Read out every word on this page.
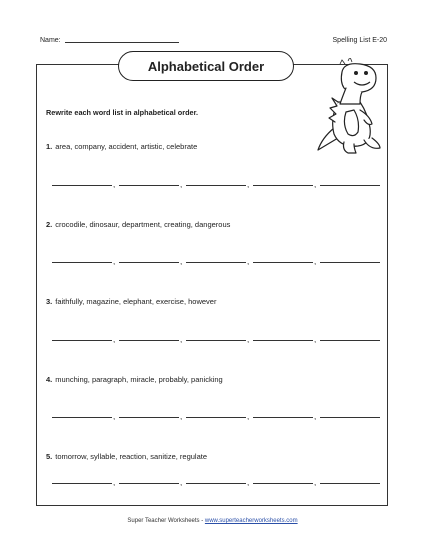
Name:	Spelling List E-20
Alphabetical Order
Rewrite each word list in alphabetical order.
1. area, company, accident, artistic, celebrate
,	,	,	,
2. crocodile, dinosaur, department, creating, dangerous
,	,	,	,
3. faithfully, magazine, elephant, exercise, however
,	,	,	,
4. munching, paragraph, miracle, probably, panicking
,	,	,	,
5. tomorrow, syllable, reaction, sanitize, regulate
,	,	,	,
Super Teacher Worksheets - www.superteacherworksheets.com
